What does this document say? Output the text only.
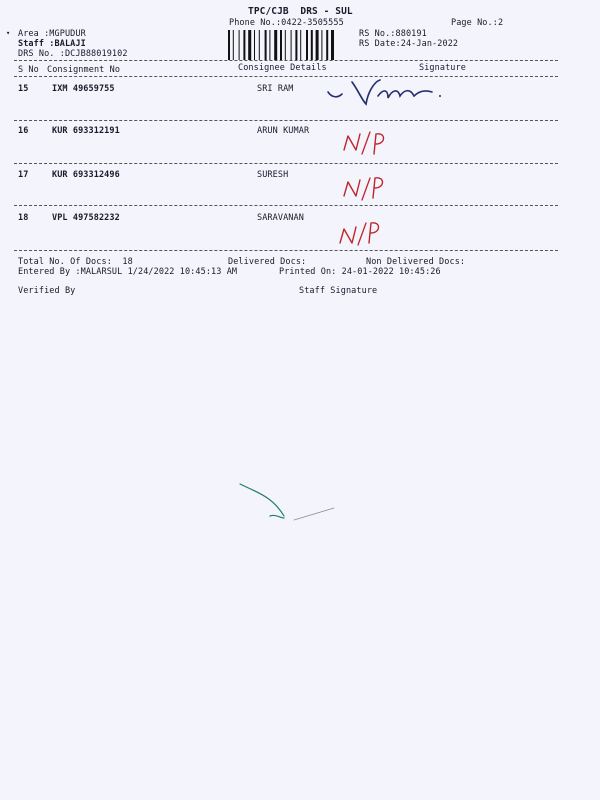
TPC/CJB  DRS - SUL
Phone No.:0422-3505555	Page No.:2
▾ Area :MGPUDUR
Staff :BALAJI
DRS No. :DCJB88019102
RS No.:880191
RS Date:24-Jan-2022
S No Consignment No	Consignee Details	Signature
15	IXM 49659755	SRI RAM
16	KUR 693312191	ARUN KUMAR
17	KUR 693312496	SURESH
18	VPL 497582232	SARAVANAN
Total No. Of Docs:  18	Delivered Docs:	Non Delivered Docs:
Entered By :MALARSUL 1/24/2022 10:45:13 AM	Printed On: 24-01-2022 10:45:26
Verified By	Staff Signature
